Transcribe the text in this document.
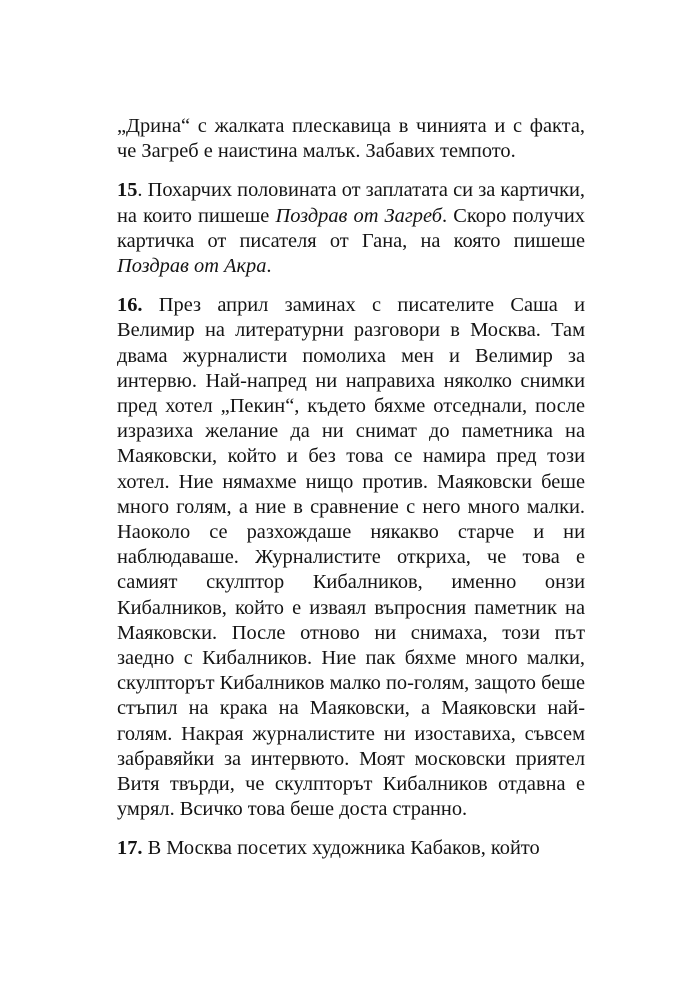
„Дрина“ с жалката плескавица в чинията и с факта, че Загреб е наистина малък. Забавих темпото.

15. Похарчих половината от заплатата си за картички, на които пишеше Поздрав от Загреб. Скоро получих картичка от писателя от Гана, на която пишеше Поздрав от Акра.

16. През април заминах с писателите Саша и Велимир на литературни разговори в Москва. Там двама журналисти помолиха мен и Велимир за интервю. Най-напред ни направиха няколко снимки пред хотел „Пекин“, където бяхме отседнали, после изразиха желание да ни снимат до паметника на Маяковски, който и без това се намира пред този хотел. Ние нямахме нищо против. Маяковски беше много голям, а ние в сравнение с него много малки. Наоколо се разхождаше някакво старче и ни наблюдаваше. Журналистите откриха, че това е самият скулптор Кибалников, именно онзи Кибалников, който е изваял въпросния паметник на Маяковски. После отново ни снимаха, този път заедно с Кибалников. Ние пак бяхме много малки, скулпторът Кибалников малко по-голям, защото беше стъпил на крака на Маяковски, а Маяковски най-голям. Накрая журналистите ни изоставиха, съвсем забравяйки за интервюто. Моят московски приятел Витя твърди, че скулпторът Кибалников отдавна е умрял. Всичко това беше доста странно.

17. В Москва посетих художника Кабаков, който
